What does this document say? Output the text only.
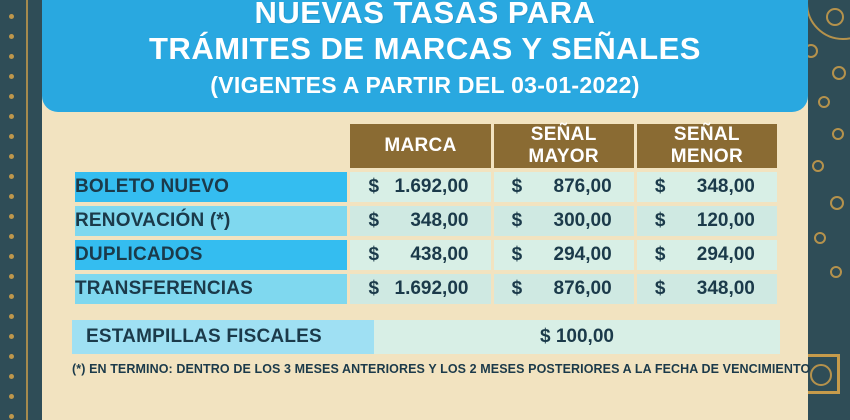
NUEVAS TASAS PARA
TRÁMITES DE MARCAS Y SEÑALES
(VIGENTES A PARTIR DEL 03-01-2022)
	MARCA	SEÑAL MAYOR	SEÑAL MENOR
BOLETO NUEVO	$ 1.692,00	$ 876,00	$ 348,00
RENOVACIÓN (*)	$ 348,00	$ 300,00	$ 120,00
DUPLICADOS	$ 438,00	$ 294,00	$ 294,00
TRANSFERENCIAS	$ 1.692,00	$ 876,00	$ 348,00
ESTAMPILLAS FISCALES	$ 100,00
(*) EN TERMINO: DENTRO DE LOS 3 MESES ANTERIORES Y LOS 2 MESES POSTERIORES A LA FECHA DE VENCIMIENTO
